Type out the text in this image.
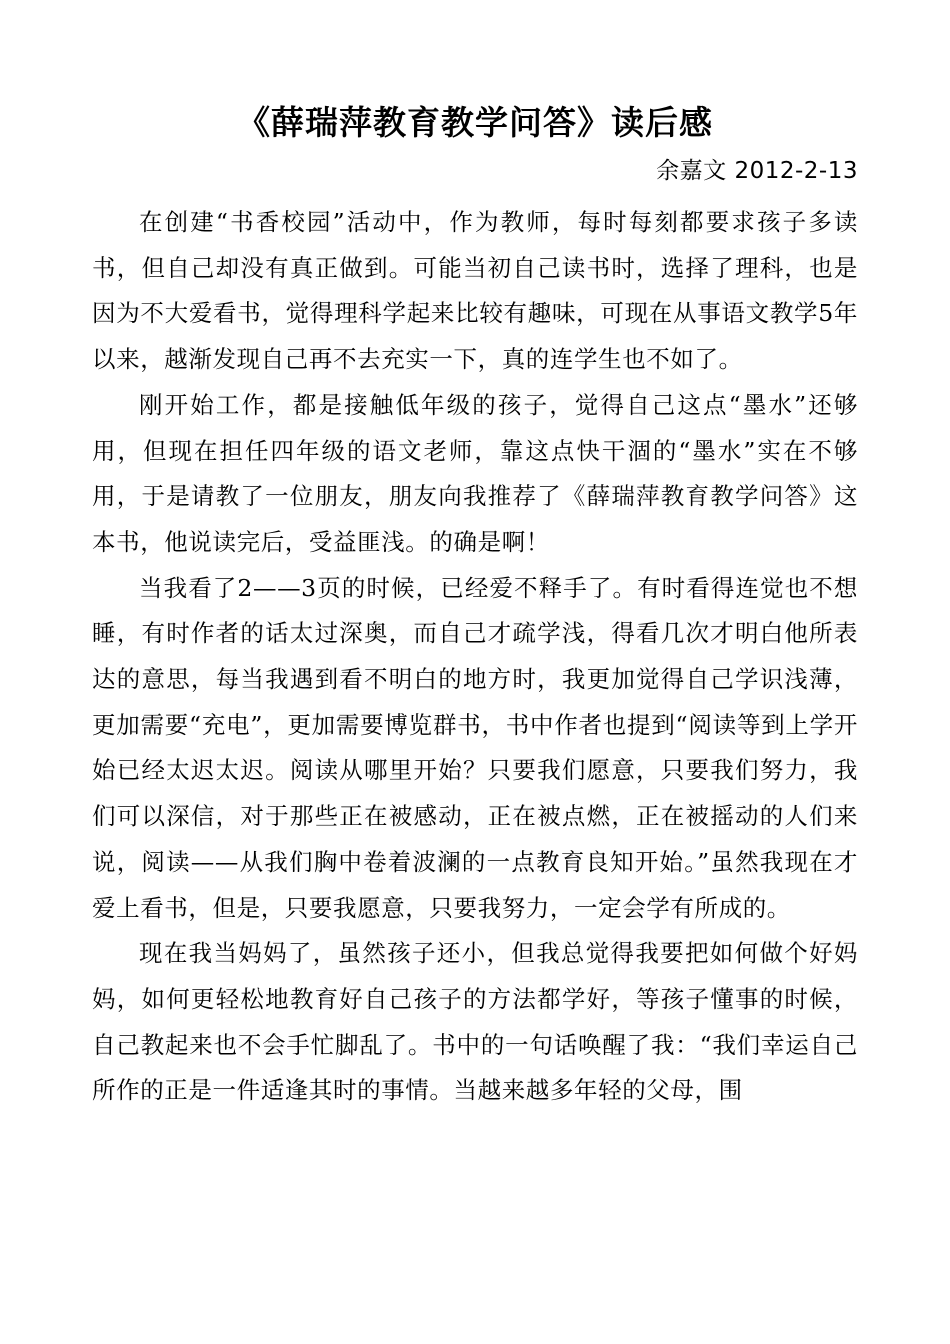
《薛瑞萍教育教学问答》读后感
余嘉文 2012-2-13

在创建“书香校园”活动中，作为教师，每时每刻都要求孩子多读书，但自己却没有真正做到。可能当初自己读书时，选择了理科，也是因为不大爱看书，觉得理科学起来比较有趣味，可现在从事语文教学5年以来，越渐发现自己再不去充实一下，真的连学生也不如了。

刚开始工作，都是接触低年级的孩子，觉得自己这点“墨水”还够用，但现在担任四年级的语文老师，靠这点快干涸的“墨水”实在不够用，于是请教了一位朋友，朋友向我推荐了《薛瑞萍教育教学问答》这本书，他说读完后，受益匪浅。的确是啊！

当我看了2——3页的时候，已经爱不释手了。有时看得连觉也不想睡，有时作者的话太过深奥，而自己才疏学浅，得看几次才明白他所表达的意思，每当我遇到看不明白的地方时，我更加觉得自己学识浅薄，更加需要“充电”，更加需要博览群书，书中作者也提到“阅读等到上学开始已经太迟太迟。阅读从哪里开始？只要我们愿意，只要我们努力，我们可以深信，对于那些正在被感动，正在被点燃，正在被摇动的人们来说，阅读——从我们胸中卷着波澜的一点教育良知开始。”虽然我现在才爱上看书，但是，只要我愿意，只要我努力，一定会学有所成的。

现在我当妈妈了，虽然孩子还小，但我总觉得我要把如何做个好妈妈，如何更轻松地教育好自己孩子的方法都学好，等孩子懂事的时候，自己教起来也不会手忙脚乱了。书中的一句话唤醒了我：“我们幸运自己所作的正是一件适逢其时的事情。当越来越多年轻的父母，围
